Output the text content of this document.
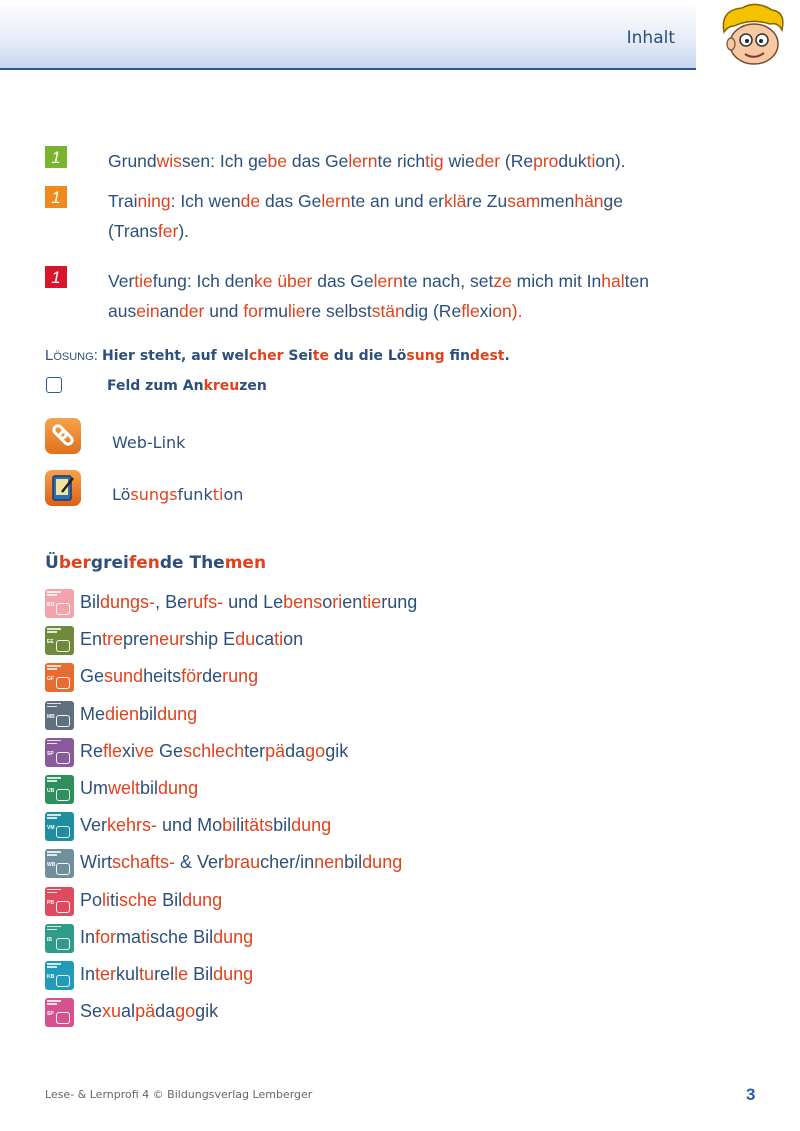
Inhalt
1	Grundwissen: Ich gebe das Gelernte richtig wieder (Reproduktion).
1	Training: Ich wende das Gelernte an und erkläre Zusammenhänge
(Transfer).
1	Vertiefung: Ich denke über das Gelernte nach, setze mich mit Inhalten
auseinander und formuliere selbstständig (Reflexion).
LÖSUNG: Hier steht, auf welcher Seite du die Lösung findest.
Feld zum Ankreuzen
Web-Link
Lösungsfunktion
Übergreifende Themen
BO Bildungs-, Berufs- und Lebensorientierung
EE Entrepreneurship Education
GF Gesundheitsförderung
MB Medienbildung
SP Reflexive Geschlechterpädagogik
UB Umweltbildung
VM Verkehrs- und Mobilitätsbildung
WB Wirtschafts- & Verbraucher/innenbildung
PB Politische Bildung
IB Informatische Bildung
KB Interkulturelle Bildung
SP Sexualpädagogik
Lese- & Lernprofi 4 © Bildungsverlag Lemberger	3
